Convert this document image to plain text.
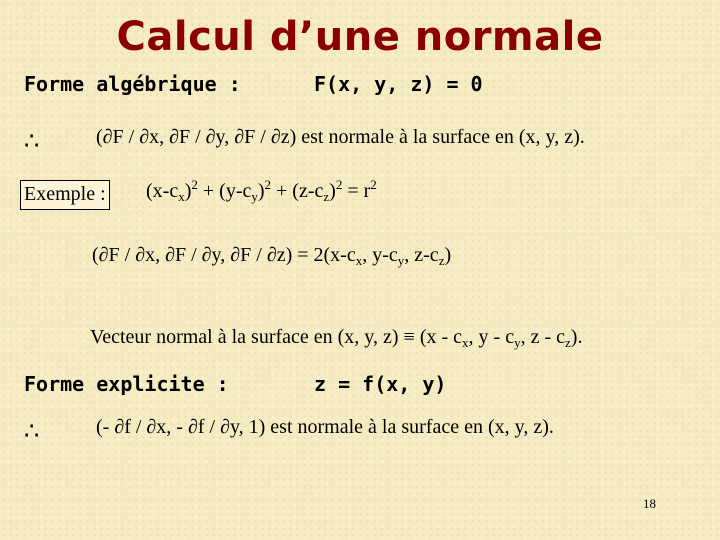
Calcul d’une normale
Forme algébrique :	F(x, y, z) = 0
∴	(∂F / ∂x, ∂F / ∂y, ∂F / ∂z) est normale à la surface en (x, y, z).
Exemple : $(x-c_x)^2 + (y-c_y)^2 + (z-c_z)^2 = r^2$
(∂F / ∂x, ∂F / ∂y, $\partial F / \partial z) = 2(x-c_x$, $y-c_y$, $z-c_z$)
Vecteur normal à la surface en (x, y, $z) \equiv (x - c_x$, y - $c_y$, z - $c_z$).
Forme explicite :	z = f(x, y)
∴	(- ∂f / ∂x, - ∂f / ∂y, 1) est normale à la surface en (x, y, z).
18
